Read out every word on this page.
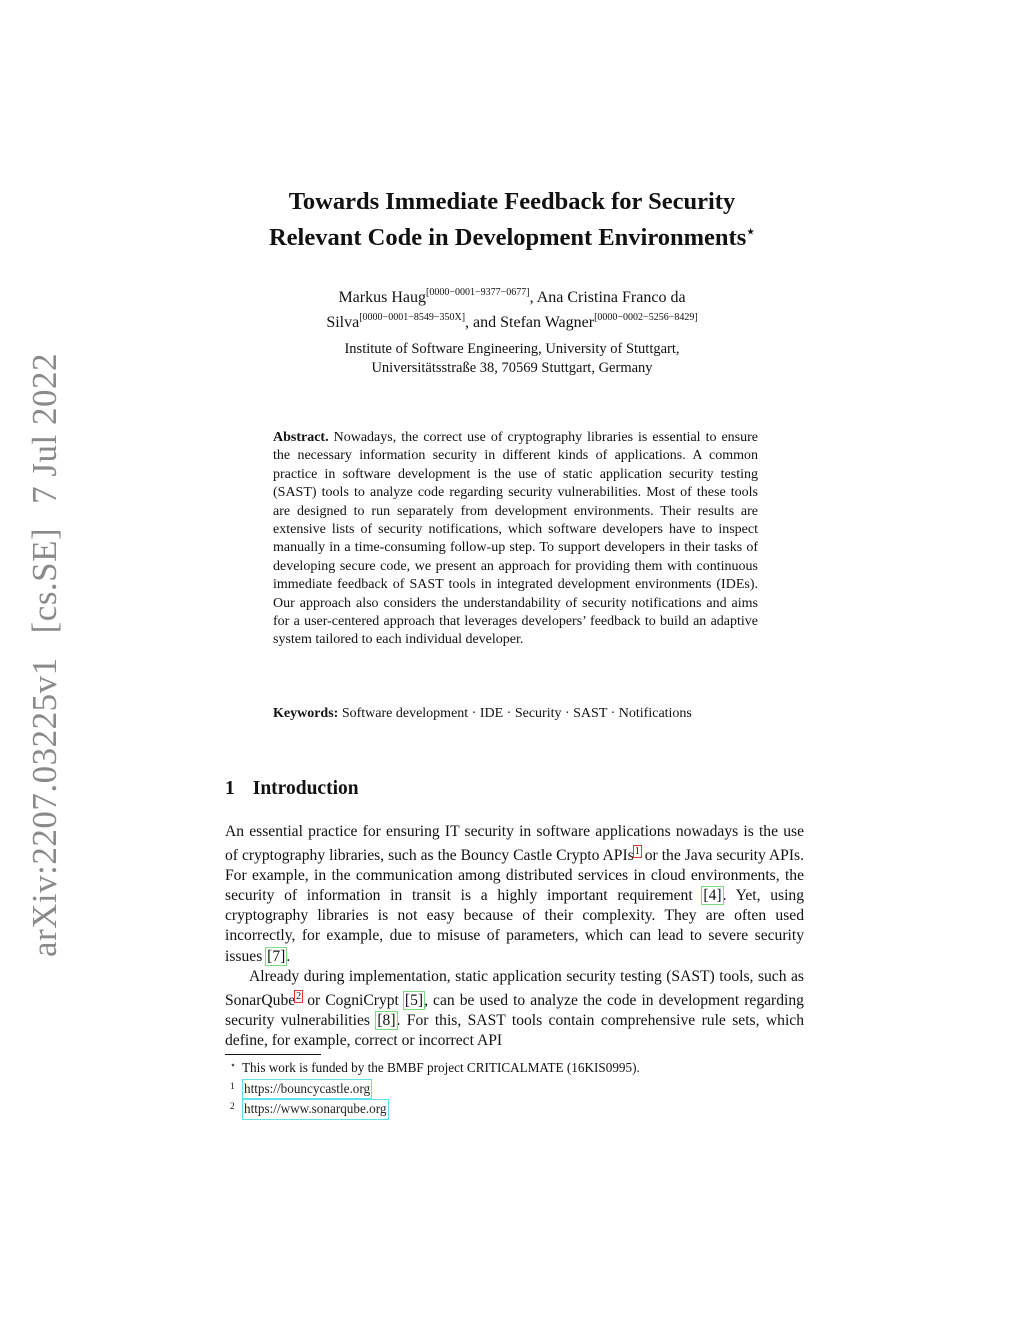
arXiv:2207.03225v1[cs.SE]7 Jul 2022
Towards Immediate Feedback for Security
Relevant Code in Development Environments⋆
Markus Haug[0000−0001−9377−0677], Ana Cristina Franco da
Silva[0000−0001−8549−350X], and Stefan Wagner[0000−0002−5256−8429]
Institute of Software Engineering, University of Stuttgart,
Universitätsstraße 38, 70569 Stuttgart, Germany
Abstract. Nowadays, the correct use of cryptography libraries is essential to ensure the necessary information security in different kinds of applications. A common practice in software development is the use of static application security testing (SAST) tools to analyze code regarding security vulnerabilities. Most of these tools are designed to run separately from development environments. Their results are extensive lists of security notifications, which software developers have to inspect manually in a time-consuming follow-up step. To support developers in their tasks of developing secure code, we present an approach for providing them with continuous immediate feedback of SAST tools in integrated development environments (IDEs). Our approach also considers the understandability of security notifications and aims for a user-centered approach that leverages developers’ feedback to build an adaptive system tailored to each individual developer.
Keywords: Software development · IDE · Security · SAST · Notifications
1 Introduction

An essential practice for ensuring IT security in software applications nowadays is the use of cryptography libraries, such as the Bouncy Castle Crypto APIs$^1$ or the Java security APIs. For example, in the communication among distributed services in cloud environments, the security of information in transit is a highly important requirement [4]. Yet, using cryptography libraries is not easy because of their complexity. They are often used incorrectly, for example, due to misuse of parameters, which can lead to severe security issues [7].

Already during implementation, static application security testing (SAST) tools, such as SonarQube$^2$ or CogniCrypt [5], can be used to analyze the code in development regarding security vulnerabilities [8]. For this, SAST tools contain comprehensive rule sets, which define, for example, correct or incorrect API

⋆ This work is funded by the BMBF project CRITICALMATE (16KIS0995).
1 https://bouncycastle.org
2 https://www.sonarqube.org
